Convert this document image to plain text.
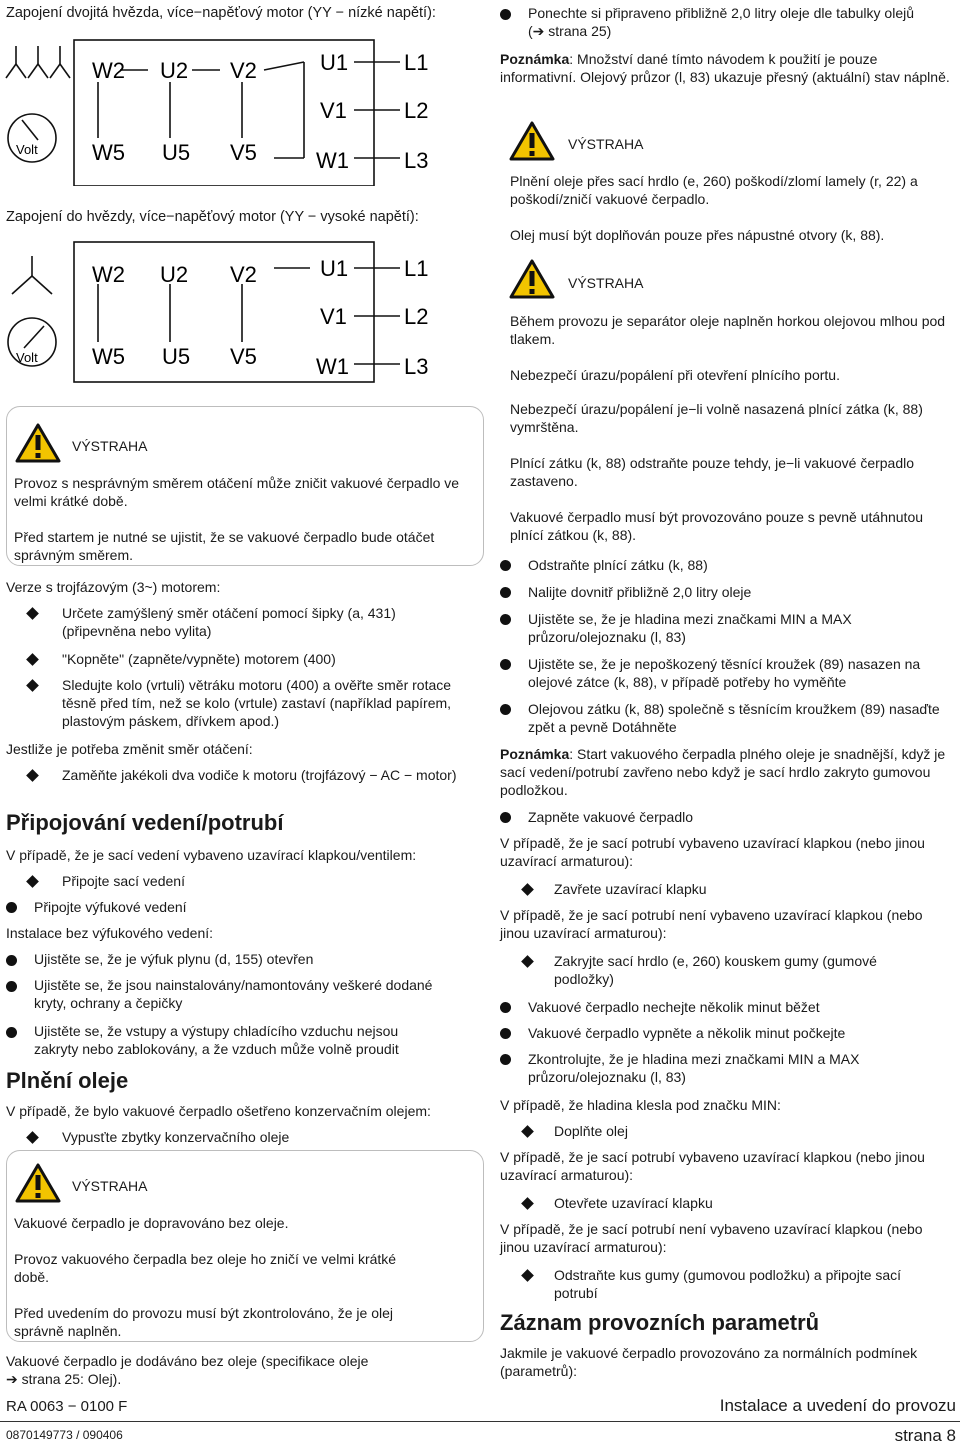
Zapojení dvojitá hvězda, více−napěťový motor (YY − nízké napětí):
W2 U2 V2
W5 U5 V5
U1
V1
W1
L1
L2
L3
Volt
Zapojení do hvězdy, více−napěťový motor (YY − vysoké napětí):
W2 U2 V2
W5 U5 V5
U1
V1
W1
L1
L2
L3
Volt
VÝSTRAHA
Provoz s nesprávným směrem otáčení může zničit vakuové čerpadlo ve velmi krátké době.
Před startem je nutné se ujistit, že se vakuové čerpadlo bude otáčet správným směrem.
Verze s trojfázovým (3~) motorem:
Určete zamýšlený směr otáčení pomocí šipky (a, 431) (připevněna nebo vylita)
"Kopněte" (zapněte/vypněte) motorem (400)
Sledujte kolo (vrtuli) větráku motoru (400) a ověřte směr rotace těsně před tím, než se kolo (vrtule) zastaví (například papírem, plastovým páskem, dřívkem apod.)
Jestliže je potřeba změnit směr otáčení:
Zaměňte jakékoli dva vodiče k motoru (trojfázový − AC − motor)
Připojování vedení/potrubí
V případě, že je sací vedení vybaveno uzavírací klapkou/ventilem:
Připojte sací vedení
Připojte výfukové vedení
Instalace bez výfukového vedení:
Ujistěte se, že je výfuk plynu (d, 155) otevřen
Ujistěte se, že jsou nainstalovány/namontovány veškeré dodané kryty, ochrany a čepičky
Ujistěte se, že vstupy a výstupy chladícího vzduchu nejsou zakryty nebo zablokovány, a že vzduch může volně proudit
Plnění oleje
V případě, že bylo vakuové čerpadlo ošetřeno konzervačním olejem:
Vypusťte zbytky konzervačního oleje
VÝSTRAHA
Vakuové čerpadlo je dopravováno bez oleje.
Provoz vakuového čerpadla bez oleje ho zničí ve velmi krátké době.
Před uvedením do provozu musí být zkontrolováno, že je olej správně naplněn.
Vakuové čerpadlo je dodáváno bez oleje (specifikace oleje
➔ strana 25: Olej).
RA 0063 − 0100 F
0870149773 / 090406
Ponechte si připraveno přibližně 2,0 litry oleje dle tabulky olejů
(➔ strana 25)
Poznámka: Množství dané tímto návodem k použití je pouze informativní. Olejový průzor (l, 83) ukazuje přesný (aktuální) stav náplně.
VÝSTRAHA
Plnění oleje přes sací hrdlo (e, 260) poškodí/zlomí lamely (r, 22) a poškodí/zničí vakuové čerpadlo.
Olej musí být doplňován pouze přes nápustné otvory (k, 88).
VÝSTRAHA
Během provozu je separátor oleje naplněn horkou olejovou mlhou pod tlakem.
Nebezpečí úrazu/popálení při otevření plnícího portu.
Nebezpečí úrazu/popálení je−li volně nasazená plnící zátka (k, 88) vymrštěna.
Plnící zátku (k, 88) odstraňte pouze tehdy, je−li vakuové čerpadlo zastaveno.
Vakuové čerpadlo musí být provozováno pouze s pevně utáhnutou plnící zátkou (k, 88).
Odstraňte plnící zátku (k, 88)
Nalijte dovnitř přibližně 2,0 litry oleje
Ujistěte se, že je hladina mezi značkami MIN a MAX průzoru/olejoznaku (l, 83)
Ujistěte se, že je nepoškozený těsnící kroužek (89) nasazen na olejové zátce (k, 88), v případě potřeby ho vyměňte
Olejovou zátku (k, 88) společně s těsnícím kroužkem (89) nasaďte zpět a pevně Dotáhněte
Poznámka: Start vakuového čerpadla plného oleje je snadnější, když je sací vedení/potrubí zavřeno nebo když je sací hrdlo zakryto gumovou podložkou.
Zapněte vakuové čerpadlo
V případě, že je sací potrubí vybaveno uzavírací klapkou (nebo jinou uzavírací armaturou):
Zavřete uzavírací klapku
V případě, že je sací potrubí není vybaveno uzavírací klapkou (nebo jinou uzavírací armaturou):
Zakryjte sací hrdlo (e, 260) kouskem gumy (gumové podložky)
Vakuové čerpadlo nechejte několik minut běžet
Vakuové čerpadlo vypněte a několik minut počkejte
Zkontrolujte, že je hladina mezi značkami MIN a MAX průzoru/olejoznaku (l, 83)
V případě, že hladina klesla pod značku MIN:
Doplňte olej
V případě, že je sací potrubí vybaveno uzavírací klapkou (nebo jinou uzavírací armaturou):
Otevřete uzavírací klapku
V případě, že je sací potrubí není vybaveno uzavírací klapkou (nebo jinou uzavírací armaturou):
Odstraňte kus gumy (gumovou podložku) a připojte sací potrubí
Záznam provozních parametrů
Jakmile je vakuové čerpadlo provozováno za normálních podmínek (parametrů):
Instalace a uvedení do provozu
strana 8
